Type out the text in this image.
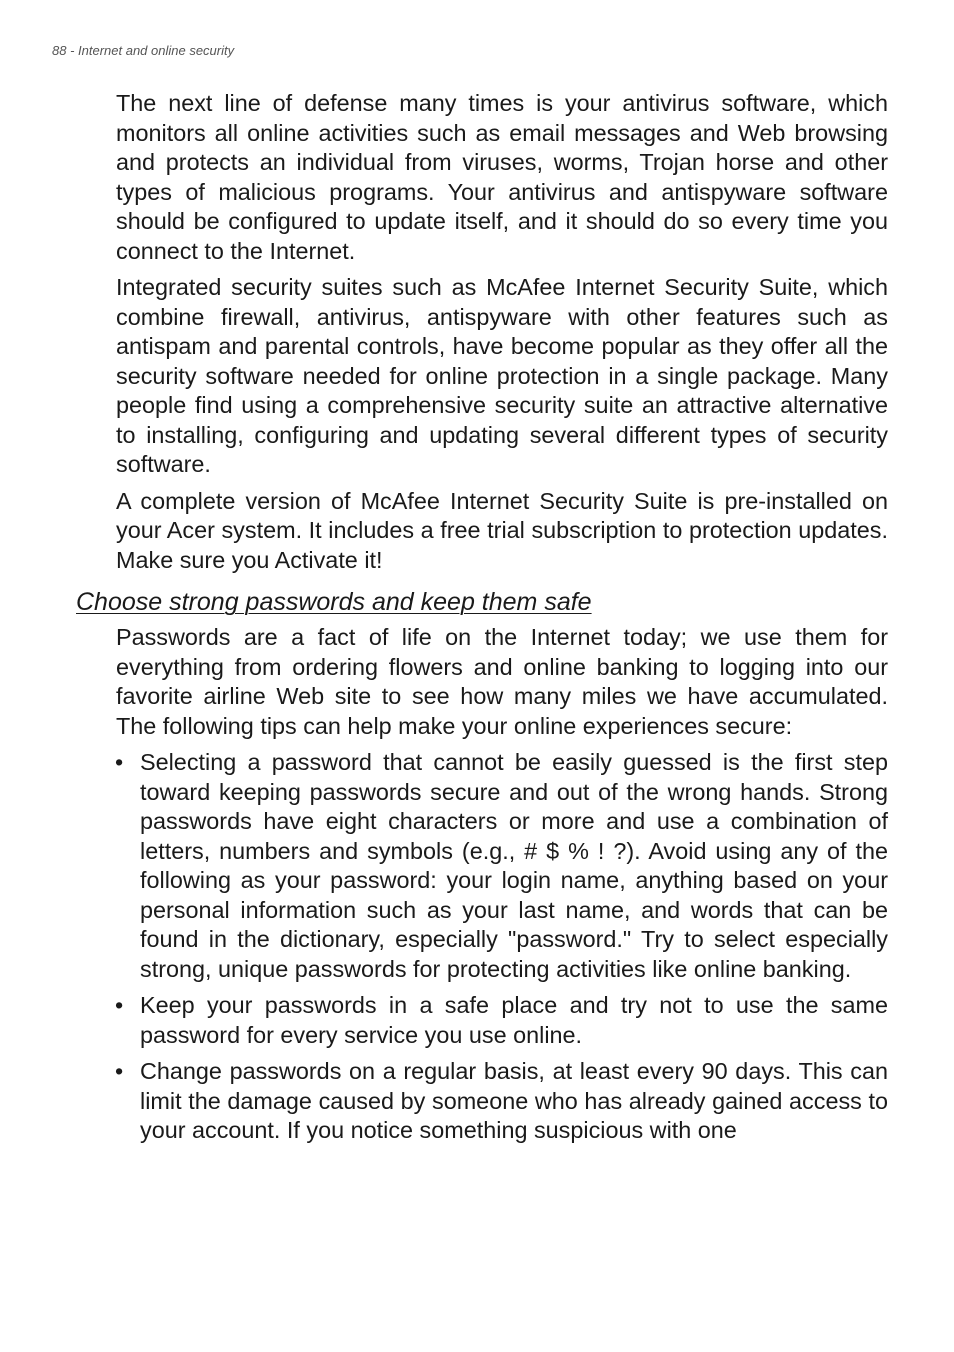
88 - Internet and online security

The next line of defense many times is your antivirus software, which monitors all online activities such as email messages and Web browsing and protects an individual from viruses, worms, Trojan horse and other types of malicious programs. Your antivirus and antispyware software should be configured to update itself, and it should do so every time you connect to the Internet.

Integrated security suites such as McAfee Internet Security Suite, which combine firewall, antivirus, antispyware with other features such as antispam and parental controls, have become popular as they offer all the security software needed for online protection in a single package. Many people find using a comprehensive security suite an attractive alternative to installing, configuring and updating several different types of security software.

A complete version of McAfee Internet Security Suite is pre-installed on your Acer system. It includes a free trial subscription to protection updates. Make sure you Activate it!

Choose strong passwords and keep them safe

Passwords are a fact of life on the Internet today; we use them for everything from ordering flowers and online banking to logging into our favorite airline Web site to see how many miles we have accumulated. The following tips can help make your online experiences secure:

• Selecting a password that cannot be easily guessed is the first step toward keeping passwords secure and out of the wrong hands. Strong passwords have eight characters or more and use a combination of letters, numbers and symbols (e.g., # $ % ! ?). Avoid using any of the following as your password: your login name, anything based on your personal information such as your last name, and words that can be found in the dictionary, especially "password." Try to select especially strong, unique passwords for protecting activities like online banking.
• Keep your passwords in a safe place and try not to use the same password for every service you use online.
• Change passwords on a regular basis, at least every 90 days. This can limit the damage caused by someone who has already gained access to your account. If you notice something suspicious with one
